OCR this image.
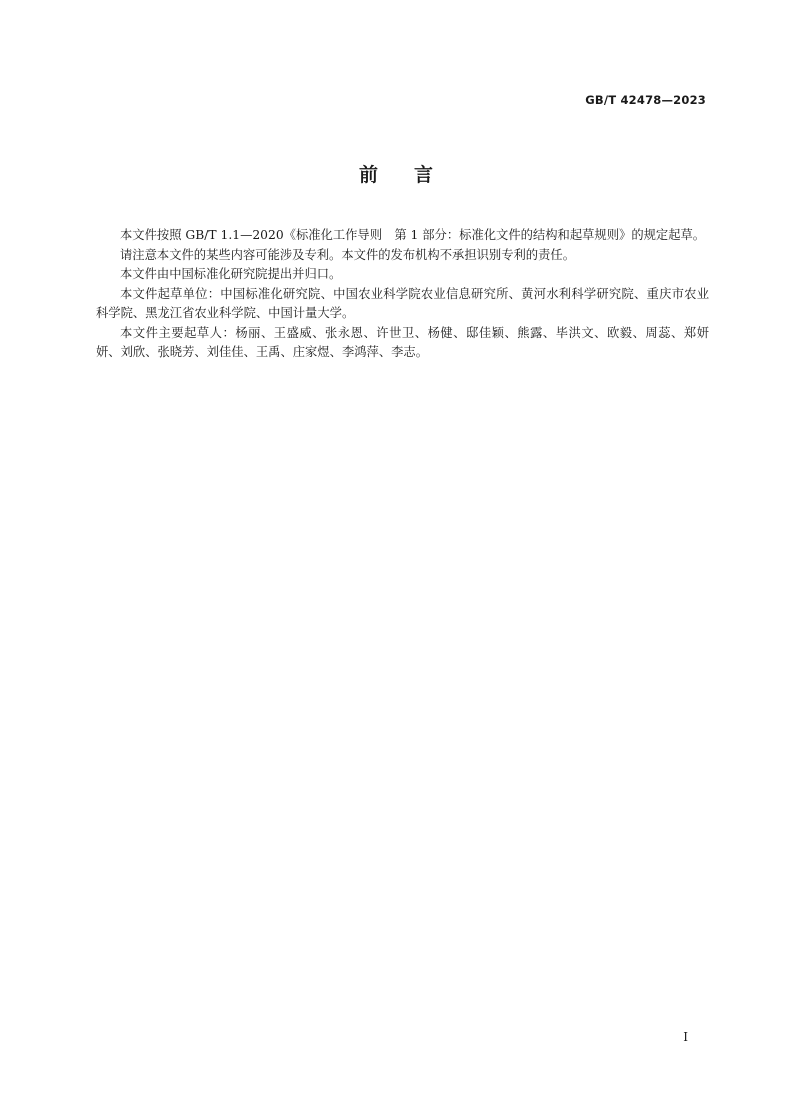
GB/T 42478—2023
前言

本文件按照 GB/T 1.1—2020《标准化工作导则　第 1 部分：标准化文件的结构和起草规则》的规定起草。

请注意本文件的某些内容可能涉及专利。本文件的发布机构不承担识别专利的责任。

本文件由中国标准化研究院提出并归口。

本文件起草单位：中国标准化研究院、中国农业科学院农业信息研究所、黄河水利科学研究院、重庆市农业科学院、黑龙江省农业科学院、中国计量大学。

本文件主要起草人：杨丽、王盛威、张永恩、许世卫、杨健、邸佳颖、熊露、毕洪文、欧毅、周蕊、郑妍妍、刘欣、张晓芳、刘佳佳、王禹、庄家煜、李鸿萍、李志。

I
